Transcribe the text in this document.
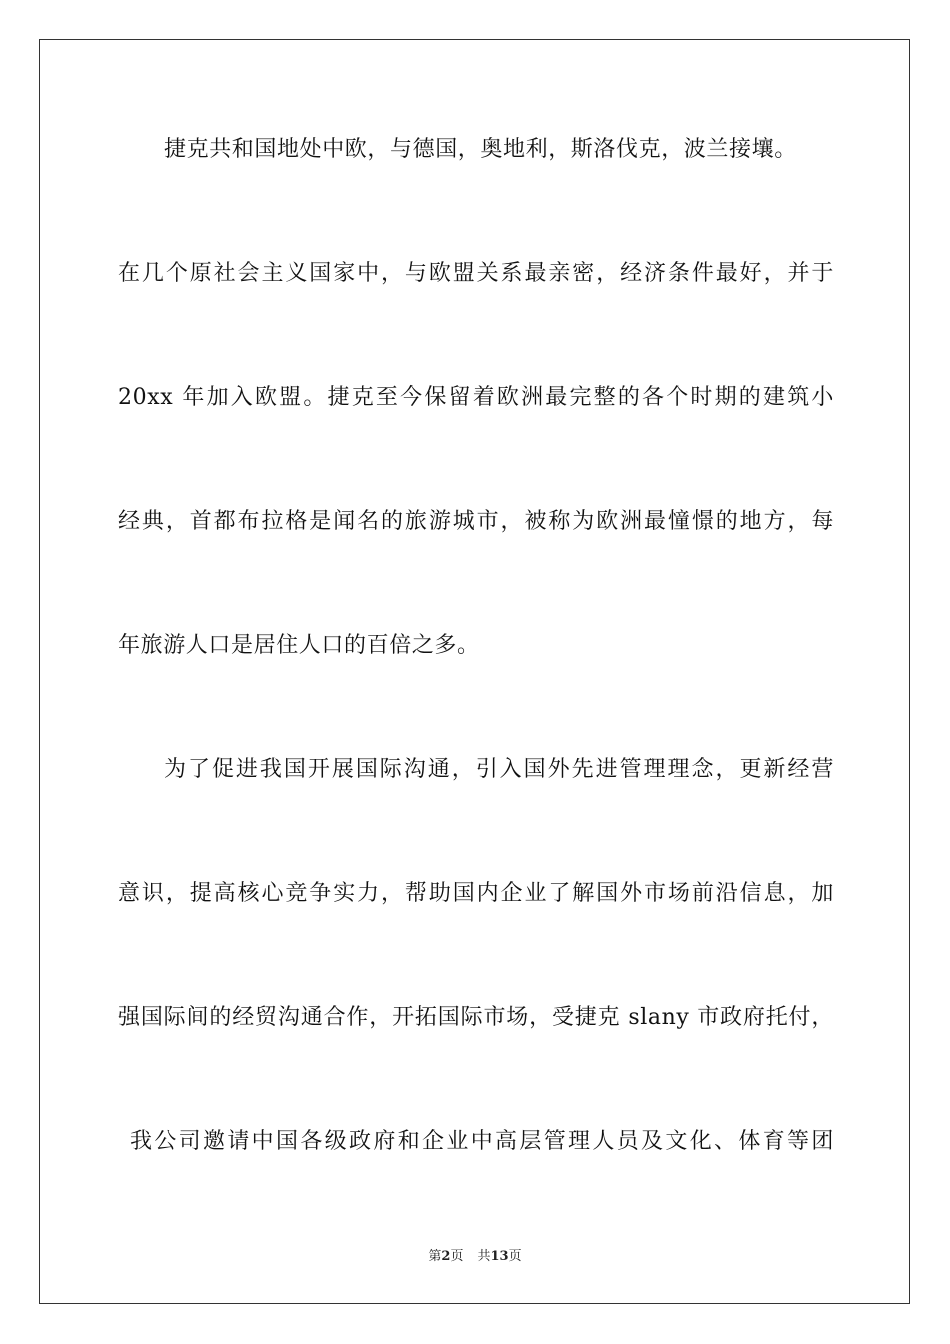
捷克共和国地处中欧，与德国，奥地利，斯洛伐克，波兰接壤。
在几个原社会主义国家中，与欧盟关系最亲密，经济条件最好，并于
20xx 年加入欧盟。捷克至今保留着欧洲最完整的各个时期的建筑小
经典，首都布拉格是闻名的旅游城市，被称为欧洲最憧憬的地方，每
年旅游人口是居住人口的百倍之多。
为了促进我国开展国际沟通，引入国外先进管理理念，更新经营
意识，提高核心竞争实力，帮助国内企业了解国外市场前沿信息，加
强国际间的经贸沟通合作，开拓国际市场，受捷克 slany 市政府托付，
我公司邀请中国各级政府和企业中高层管理人员及文化、体育等团
第2页 共13页
